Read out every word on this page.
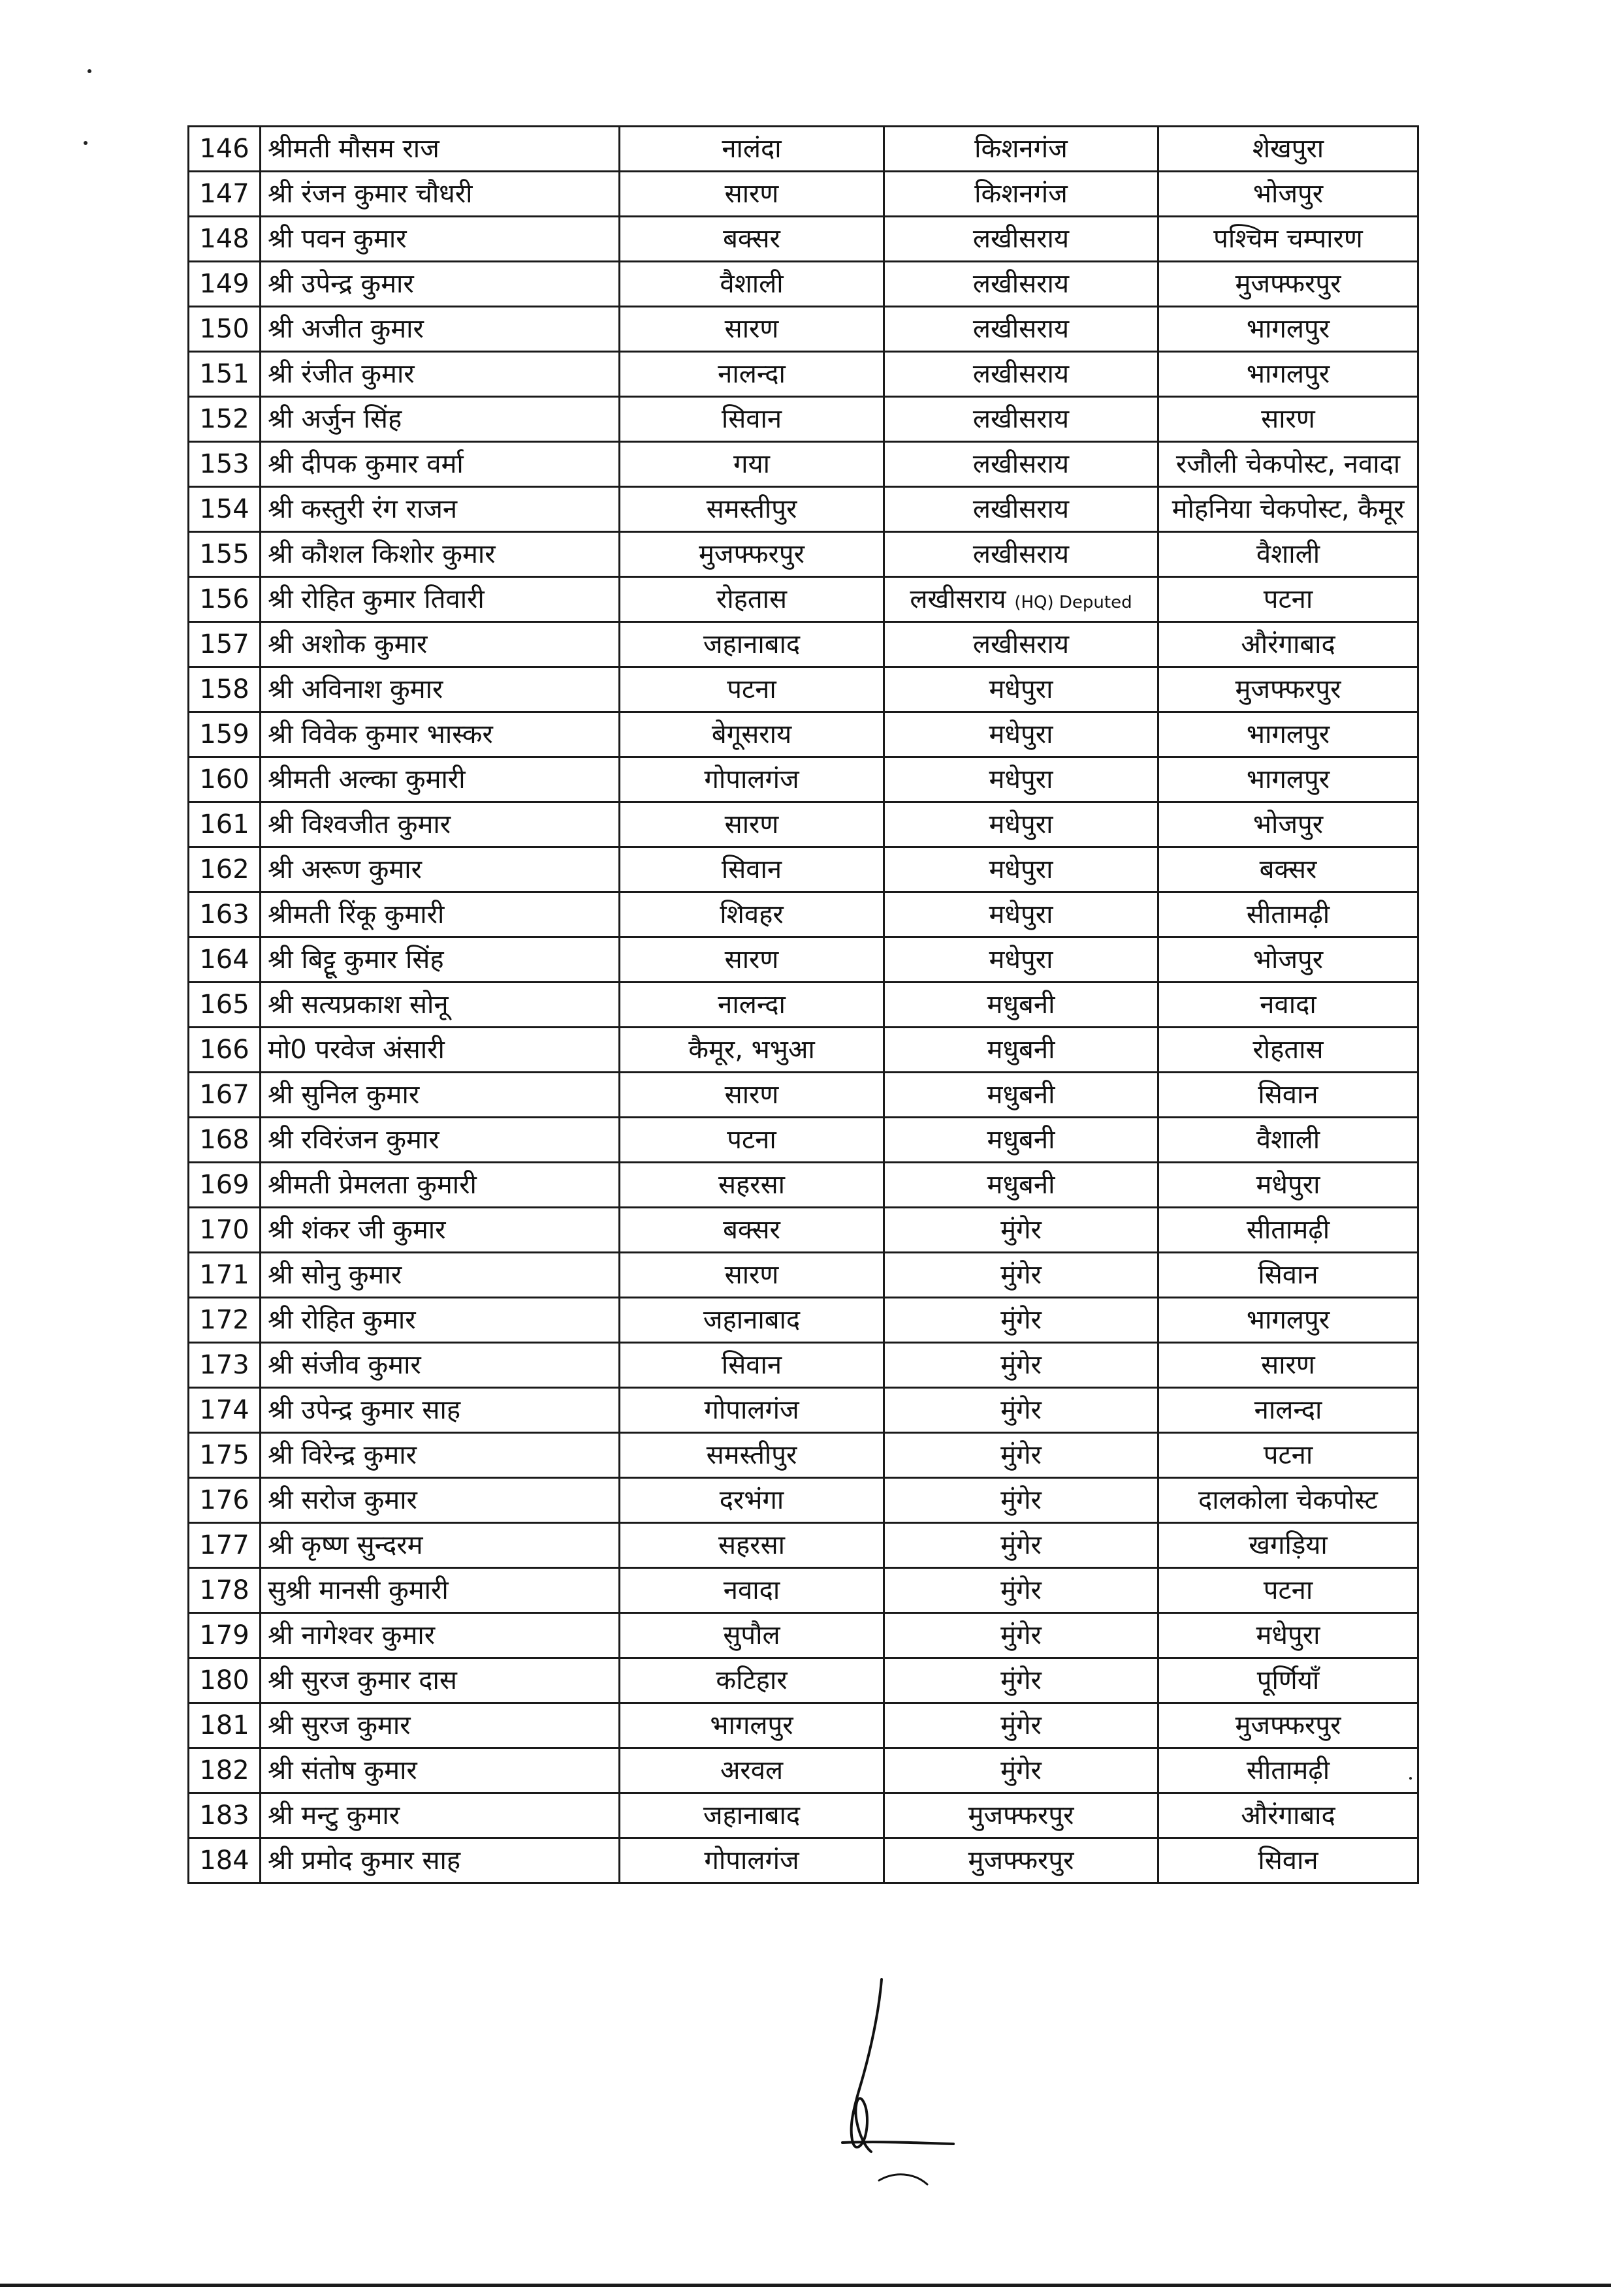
146	श्रीमती मौसम राज	नालंदा	किशनगंज	शेखपुरा
147	श्री रंजन कुमार चौधरी	सारण	किशनगंज	भोजपुर
148	श्री पवन कुमार	बक्सर	लखीसराय	पश्चिम चम्पारण
149	श्री उपेन्द्र कुमार	वैशाली	लखीसराय	मुजफ्फरपुर
150	श्री अजीत कुमार	सारण	लखीसराय	भागलपुर
151	श्री रंजीत कुमार	नालन्दा	लखीसराय	भागलपुर
152	श्री अर्जुन सिंह	सिवान	लखीसराय	सारण
153	श्री दीपक कुमार वर्मा	गया	लखीसराय	रजौली चेकपोस्ट, नवादा
154	श्री कस्तुरी रंग राजन	समस्तीपुर	लखीसराय	मोहनिया चेकपोस्ट, कैमूर
155	श्री कौशल किशोर कुमार	मुजफ्फरपुर	लखीसराय	वैशाली
156	श्री रोहित कुमार तिवारी	रोहतास	लखीसराय (HQ) Deputed	पटना
157	श्री अशोक कुमार	जहानाबाद	लखीसराय	औरंगाबाद
158	श्री अविनाश कुमार	पटना	मधेपुरा	मुजफ्फरपुर
159	श्री विवेक कुमार भास्कर	बेगूसराय	मधेपुरा	भागलपुर
160	श्रीमती अल्का कुमारी	गोपालगंज	मधेपुरा	भागलपुर
161	श्री विश्वजीत कुमार	सारण	मधेपुरा	भोजपुर
162	श्री अरूण कुमार	सिवान	मधेपुरा	बक्सर
163	श्रीमती रिंकू कुमारी	शिवहर	मधेपुरा	सीतामढ़ी
164	श्री बिट्टू कुमार सिंह	सारण	मधेपुरा	भोजपुर
165	श्री सत्यप्रकाश सोनू	नालन्दा	मधुबनी	नवादा
166	मो0 परवेज अंसारी	कैमूर, भभुआ	मधुबनी	रोहतास
167	श्री सुनिल कुमार	सारण	मधुबनी	सिवान
168	श्री रविरंजन कुमार	पटना	मधुबनी	वैशाली
169	श्रीमती प्रेमलता कुमारी	सहरसा	मधुबनी	मधेपुरा
170	श्री शंकर जी कुमार	बक्सर	मुंगेर	सीतामढ़ी
171	श्री सोनु कुमार	सारण	मुंगेर	सिवान
172	श्री रोहित कुमार	जहानाबाद	मुंगेर	भागलपुर
173	श्री संजीव कुमार	सिवान	मुंगेर	सारण
174	श्री उपेन्द्र कुमार साह	गोपालगंज	मुंगेर	नालन्दा
175	श्री विरेन्द्र कुमार	समस्तीपुर	मुंगेर	पटना
176	श्री सरोज कुमार	दरभंगा	मुंगेर	दालकोला चेकपोस्ट
177	श्री कृष्ण सुन्दरम	सहरसा	मुंगेर	खगड़िया
178	सुश्री मानसी कुमारी	नवादा	मुंगेर	पटना
179	श्री नागेश्वर कुमार	सुपौल	मुंगेर	मधेपुरा
180	श्री सुरज कुमार दास	कटिहार	मुंगेर	पूर्णियाँ
181	श्री सुरज कुमार	भागलपुर	मुंगेर	मुजफ्फरपुर
182	श्री संतोष कुमार	अरवल	मुंगेर	सीतामढ़ी
183	श्री मन्टु कुमार	जहानाबाद	मुजफ्फरपुर	औरंगाबाद
184	श्री प्रमोद कुमार साह	गोपालगंज	मुजफ्फरपुर	सिवान
